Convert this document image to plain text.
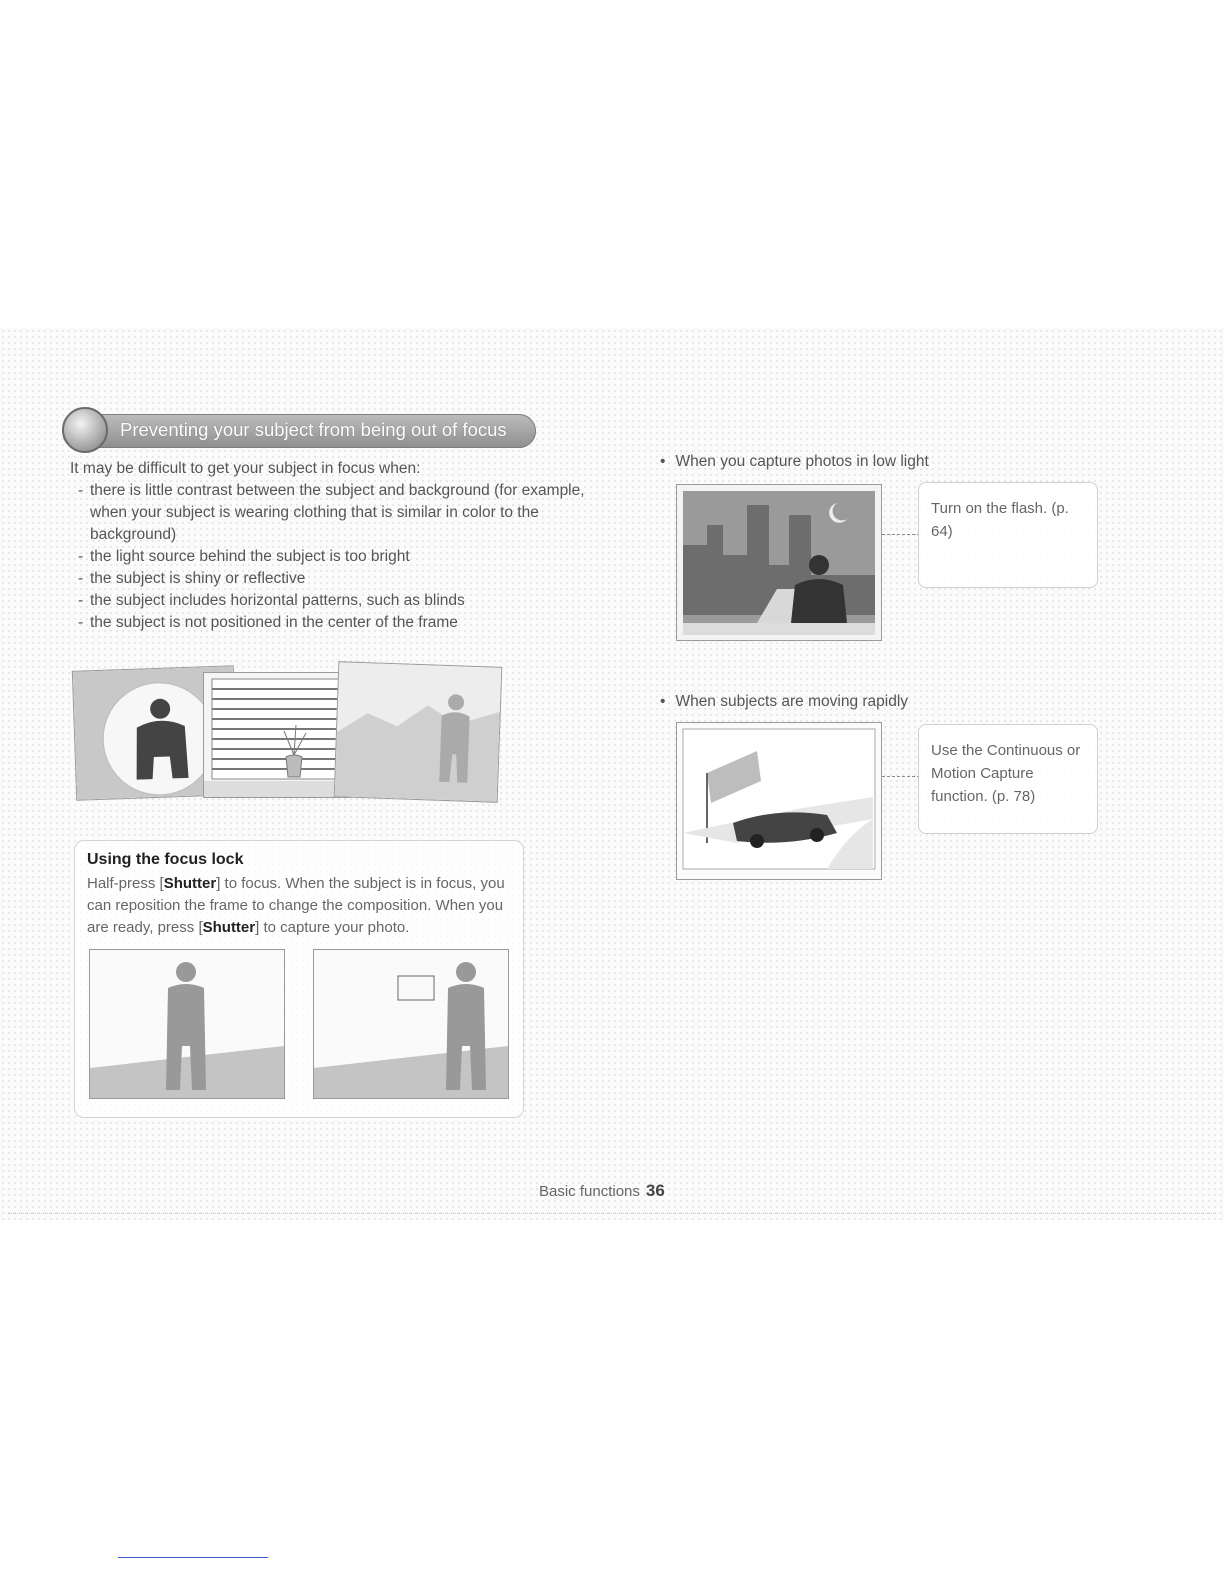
Preventing your subject from being out of focus

It may be difficult to get your subject in focus when:

- there is little contrast between the subject and background (for example, when your subject is wearing clothing that is similar in color to the background)
- the light source behind the subject is too bright
- the subject is shiny or reflective
- the subject includes horizontal patterns, such as blinds
- the subject is not positioned in the center of the frame
Using the focus lock
Half-press [Shutter] to focus. When the subject is in focus, you can reposition the frame to change the composition. When you are ready, press [Shutter] to capture your photo.
• When you capture photos in low light
Turn on the flash. (p. 64)
• When subjects are moving rapidly
Use the Continuous or Motion Capture function. (p. 78)
Basic functions 36
